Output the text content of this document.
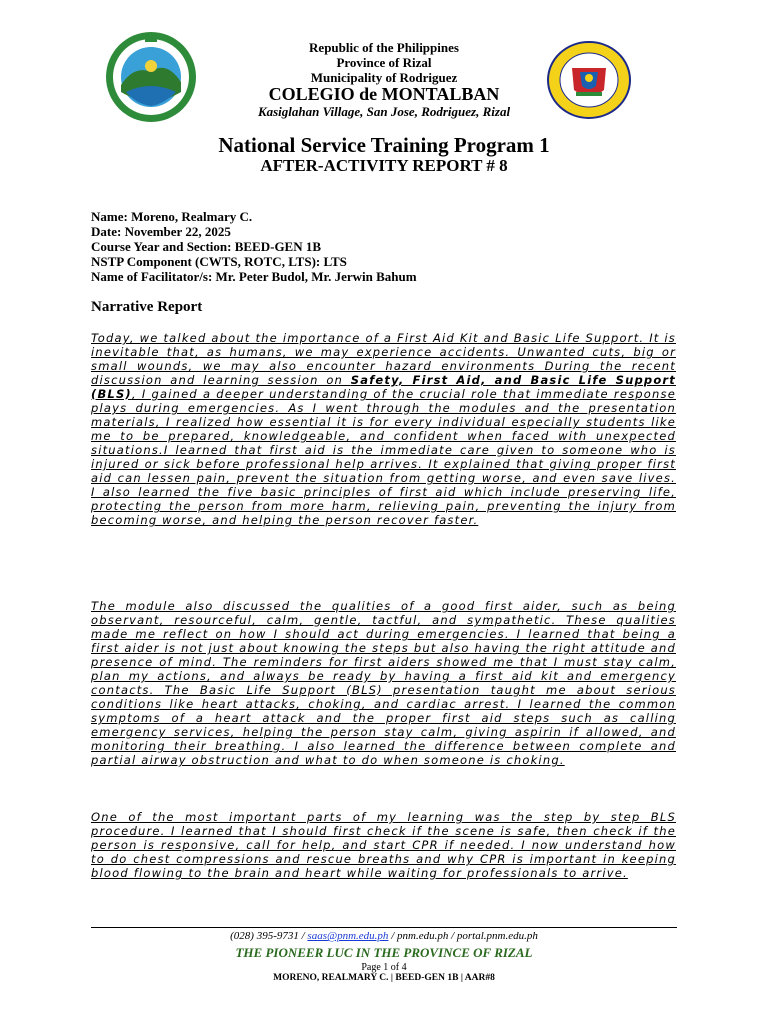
Republic of the Philippines
Province of Rizal
Municipality of Rodriguez
COLEGIO de MONTALBAN
Kasiglahan Village, San Jose, Rodriguez, Rizal
National Service Training Program 1
AFTER-ACTIVITY REPORT # 8
Name: Moreno, Realmary C.
Date: November 22, 2025
Course Year and Section: BEED-GEN 1B
NSTP Component (CWTS, ROTC, LTS): LTS
Name of Facilitator/s: Mr. Peter Budol, Mr. Jerwin Bahum
Narrative Report

Today, we talked about the importance of a First Aid Kit and Basic Life Support. It is inevitable that, as humans, we may experience accidents. Unwanted cuts, big or small wounds, we may also encounter hazard environments During the recent discussion and learning session on Safety, First Aid, and Basic Life Support (BLS), I gained a deeper understanding of the crucial role that immediate response plays during emergencies. As I went through the modules and the presentation materials, I realized how essential it is for every individual especially students like me to be prepared, knowledgeable, and confident when faced with unexpected situations.I learned that first aid is the immediate care given to someone who is injured or sick before professional help arrives. It explained that giving proper first aid can lessen pain, prevent the situation from getting worse, and even save lives. I also learned the five basic principles of first aid which include preserving life, protecting the person from more harm, relieving pain, preventing the injury from becoming worse, and helping the person recover faster.

The module also discussed the qualities of a good first aider, such as being observant, resourceful, calm, gentle, tactful, and sympathetic. These qualities made me reflect on how I should act during emergencies. I learned that being a first aider is not just about knowing the steps but also having the right attitude and presence of mind. The reminders for first aiders showed me that I must stay calm, plan my actions, and always be ready by having a first aid kit and emergency contacts. The Basic Life Support (BLS) presentation taught me about serious conditions like heart attacks, choking, and cardiac arrest. I learned the common symptoms of a heart attack and the proper first aid steps such as calling emergency services, helping the person stay calm, giving aspirin if allowed, and monitoring their breathing. I also learned the difference between complete and partial airway obstruction and what to do when someone is choking.

One of the most important parts of my learning was the step by step BLS procedure. I learned that I should first check if the scene is safe, then check if the person is responsive, call for help, and start CPR if needed. I now understand how to do chest compressions and rescue breaths and why CPR is important in keeping blood flowing to the brain and heart while waiting for professionals to arrive.

(028) 395-9731 / saas@pnm.edu.ph / pnm.edu.ph / portal.pnm.edu.ph
THE PIONEER LUC IN THE PROVINCE OF RIZAL
Page 1 of 4
MORENO, REALMARY C. | BEED-GEN 1B | AAR#8
